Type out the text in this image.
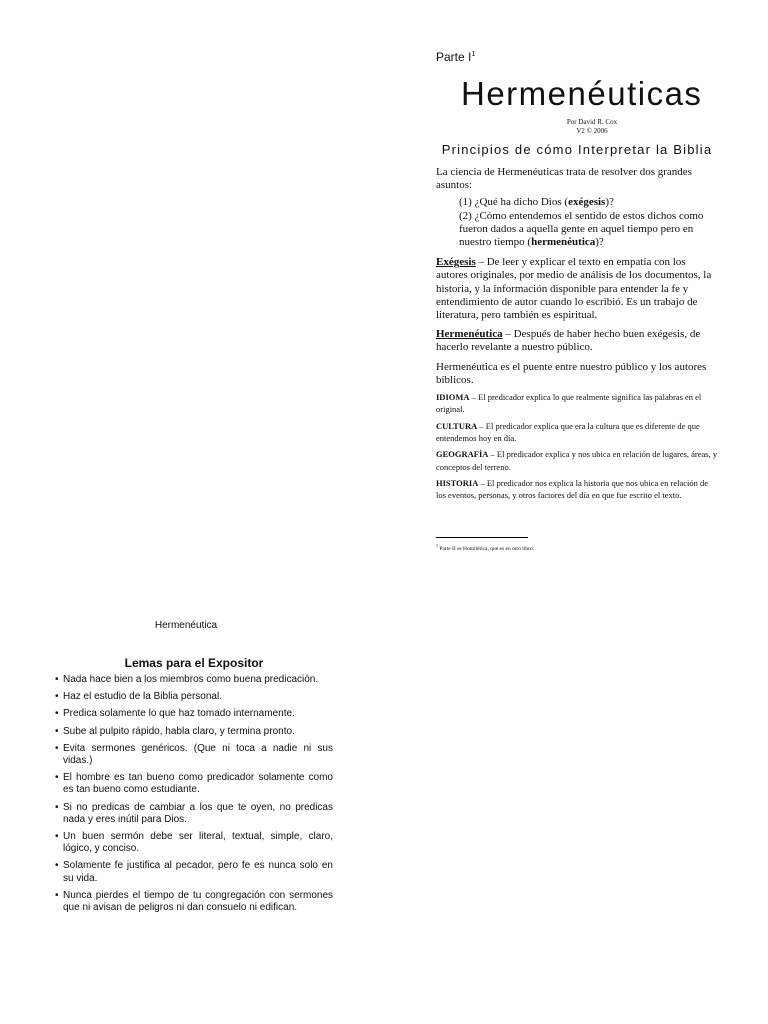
Parte $I^1$

Hermenéuticas
Por David R. Cox
V2 © 2006
Principios de cómo Interpretar la Biblia

La ciencia de Hermenéuticas trata de resolver dos grandes asuntos:

(1) ¿Qué ha dicho Dios (exégesis)?

(2) ¿Cómo entendemos el sentido de estos dichos como fueron dados a aquella gente en aquel tiempo pero en nuestro tiempo (hermenéutica)?

Exégesis – De leer y explicar el texto en empatía con los autores originales, por medio de análisis de los documentos, la historia, y la información disponible para entender la fe y entendimiento de autor cuando lo escribió. Es un trabajo de literatura, pero también es espiritual.

Hermenéutica – Después de haber hecho buen exégesis, de hacerlo revelante a nuestro público.

Hermenéutica es el puente entre nuestro público y los autores bíblicos.

IDIOMA – El predicador explica lo que realmente significa las palabras en el original.

CULTURA – El predicador explica que era la cultura que es diferente de que entendemos hoy en día.

GEOGRAFÍA – El predicador explica y nos ubica en relación de lugares, áreas, y conceptos del terreno.

HISTORIA – El predicador nos explica la historia que nos ubica en relación de los eventos, personas, y otros factores del día en que fue escrito el texto.

$^1$ Parte II es Homilética, que es en otro libro.
Hermenéutica
Lemas para el Expositor
• Nada hace bien a los miembros como buena predicación.
• Haz el estudio de la Biblia personal.
• Predica solamente lo que haz tomado internamente.
• Sube al pulpito rápido, habla claro, y termina pronto.
• Evita sermones genéricos. (Que ni toca a nadie ni sus vidas.)
• El hombre es tan bueno como predicador solamente como es tan bueno como estudiante.
• Si no predicas de cambiar a los que te oyen, no predicas nada y eres inútil para Dios.
• Un buen sermón debe ser literal, textual, simple, claro, lógico, y conciso.
• Solamente fe justifica al pecador, pero fe es nunca solo en su vida.
• Nunca pierdes el tiempo de tu congregación con sermones que ni avisan de peligros ni dan consuelo ni edifican.
